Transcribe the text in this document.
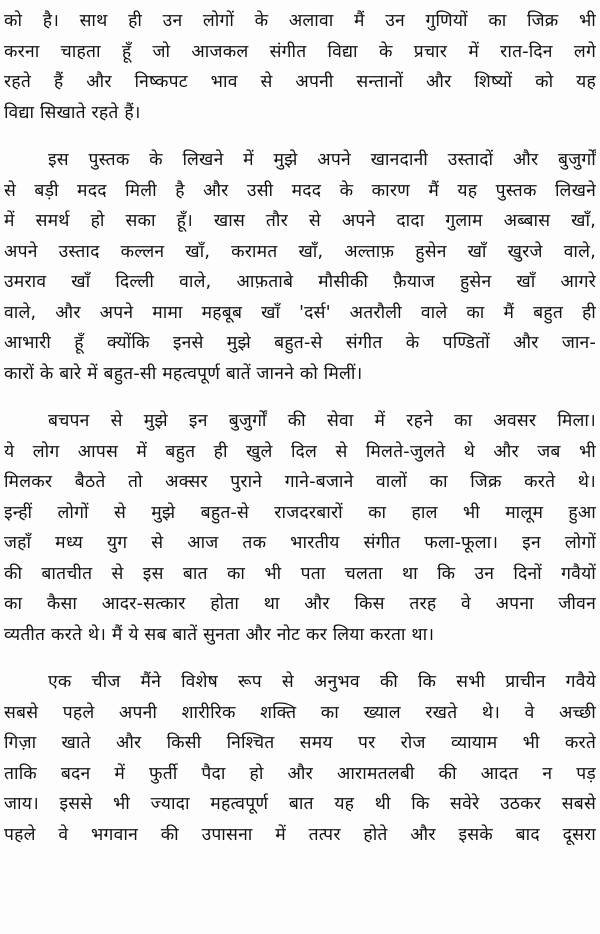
को है। साथ ही उन लोगों के अलावा मैं उन गुणियों का जिक्र भी
करना चाहता हूँ जो आजकल संगीत विद्या के प्रचार में रात-दिन लगे
रहते हैं और निष्कपट भाव से अपनी सन्तानों और शिष्यों को यह
विद्या सिखाते रहते हैं।
इस पुस्तक के लिखने में मुझे अपने खानदानी उस्तादों और बुजुर्गों
से बड़ी मदद मिली है और उसी मदद के कारण मैं यह पुस्तक लिखने
में समर्थ हो सका हूँ। खास तौर से अपने दादा गुलाम अब्बास खाँ,
अपने उस्ताद कल्लन खाँ, करामत खाँ, अल्ताफ़ हुसेन खाँ खुरजे वाले,
उमराव खाँ दिल्ली वाले, आफ़ताबे मौसीकी फ़ैयाज हुसेन खाँ आगरे
वाले, और अपने मामा महबूब खाँ 'दर्स' अतरौली वाले का मैं बहुत ही
आभारी हूँ क्योंकि इनसे मुझे बहुत-से संगीत के पण्डितों और जान-
कारों के बारे में बहुत-सी महत्वपूर्ण बातें जानने को मिलीं।
बचपन से मुझे इन बुजुर्गों की सेवा में रहने का अवसर मिला।
ये लोग आपस में बहुत ही खुले दिल से मिलते-जुलते थे और जब भी
मिलकर बैठते तो अक्सर पुराने गाने-बजाने वालों का जिक्र करते थे।
इन्हीं लोगों से मुझे बहुत-से राजदरबारों का हाल भी मालूम हुआ
जहाँ मध्य युग से आज तक भारतीय संगीत फला-फूला। इन लोगों
की बातचीत से इस बात का भी पता चलता था कि उन दिनों गवैयों
का कैसा आदर-सत्कार होता था और किस तरह वे अपना जीवन
व्यतीत करते थे। मैं ये सब बातें सुनता और नोट कर लिया करता था।
एक चीज मैंने विशेष रूप से अनुभव की कि सभी प्राचीन गवैये
सबसे पहले अपनी शारीरिक शक्ति का ख्याल रखते थे। वे अच्छी
गिज़ा खाते और किसी निश्चित समय पर रोज व्यायाम भी करते
ताकि बदन में फुर्ती पैदा हो और आरामतलबी की आदत न पड़
जाय। इससे भी ज्यादा महत्वपूर्ण बात यह थी कि सवेरे उठकर सबसे
पहले वे भगवान की उपासना में तत्पर होते और इसके बाद दूसरा
